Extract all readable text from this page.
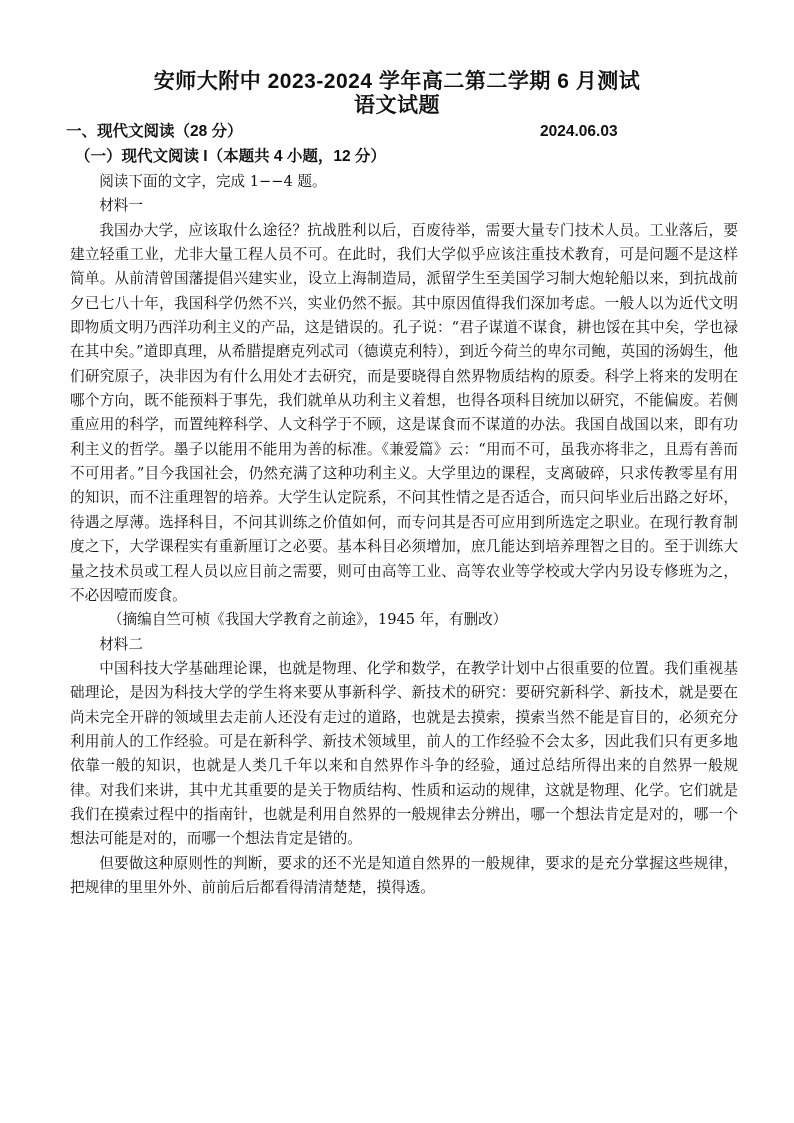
安师大附中 2023-2024 学年高二第二学期 6 月测试
语文试题
一、现代文阅读（28 分）	2024.06.03
（一）现代文阅读 I（本题共 4 小题，12 分）

阅读下面的文字，完成 1−−4 题。

材料一

我国办大学，应该取什么途径？抗战胜利以后，百废待举，需要大量专门技术人员。工业落后，要建立轻重工业，尤非大量工程人员不可。在此时，我们大学似乎应该注重技术教育，可是问题不是这样简单。从前清曾国藩提倡兴建实业，设立上海制造局，派留学生至美国学习制大炮轮船以来，到抗战前夕已七八十年，我国科学仍然不兴，实业仍然不振。其中原因值得我们深加考虑。一般人以为近代文明即物质文明乃西洋功利主义的产品，这是错误的。孔子说：“君子谋道不谋食，耕也馁在其中矣，学也禄在其中矣。”道即真理，从希腊提磨克列忒司（德谟克利特），到近今荷兰的卑尔司鲍，英国的汤姆生，他们研究原子，决非因为有什么用处才去研究，而是要晓得自然界物质结构的原委。科学上将来的发明在哪个方向，既不能预料于事先，我们就单从功利主义着想，也得各项科目统加以研究，不能偏废。若侧重应用的科学，而置纯粹科学、人文科学于不顾，这是谋食而不谋道的办法。我国自战国以来，即有功利主义的哲学。墨子以能用不能用为善的标准。《兼爱篇》云：“用而不可，虽我亦将非之，且焉有善而不可用者。”目今我国社会，仍然充满了这种功利主义。大学里边的课程，支离破碎，只求传教零星有用的知识，而不注重理智的培养。大学生认定院系，不问其性情之是否适合，而只问毕业后出路之好坏，待遇之厚薄。选择科目，不问其训练之价值如何，而专问其是否可应用到所选定之职业。在现行教育制度之下，大学课程实有重新厘订之必要。基本科目必须增加，庶几能达到培养理智之目的。至于训练大量之技术员或工程人员以应目前之需要，则可由高等工业、高等农业等学校或大学内另设专修班为之，不必因噎而废食。

（摘编自竺可桢《我国大学教育之前途》，1945 年，有删改）

材料二

中国科技大学基础理论课，也就是物理、化学和数学，在教学计划中占很重要的位置。我们重视基础理论，是因为科技大学的学生将来要从事新科学、新技术的研究：要研究新科学、新技术，就是要在尚未完全开辟的领域里去走前人还没有走过的道路，也就是去摸索，摸索当然不能是盲目的，必须充分利用前人的工作经验。可是在新科学、新技术领域里，前人的工作经验不会太多，因此我们只有更多地依靠一般的知识，也就是人类几千年以来和自然界作斗争的经验，通过总结所得出来的自然界一般规律。对我们来讲，其中尤其重要的是关于物质结构、性质和运动的规律，这就是物理、化学。它们就是我们在摸索过程中的指南针，也就是利用自然界的一般规律去分辨出，哪一个想法肯定是对的，哪一个想法可能是对的，而哪一个想法肯定是错的。

但要做这种原则性的判断，要求的还不光是知道自然界的一般规律，要求的是充分掌握这些规律，把规律的里里外外、前前后后都看得清清楚楚，摸得透。
